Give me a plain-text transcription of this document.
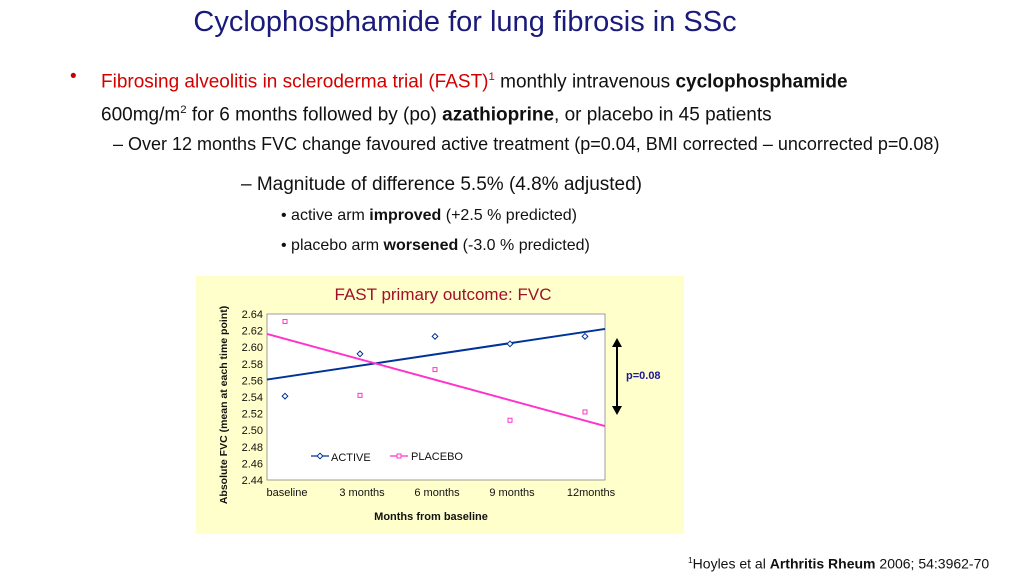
Cyclophosphamide for lung fibrosis in SSc
• Fibrosing alveolitis in scleroderma trial (FAST)$^1$ monthly intravenous cyclophosphamide
$600mg/m^2$ for 6 months followed by (po) azathioprine, or placebo in 45 patients
– Over 12 months FVC change favoured active treatment (p=0.04, BMI corrected – uncorrected p=0.08)
– Magnitude of difference 5.5% (4.8% adjusted)
• active arm improved (+2.5 % predicted)
• placebo arm worsened (-3.0 % predicted)
FAST primary outcome: FVC
Absolute FVC (mean at each time point)
Months from baseline
2.64
2.62
2.60
2.58
2.56
2.54
2.52
2.50
2.48
2.46
2.44
baseline	3 months	6 months	9 months	12months
ACTIVE	PLACEBO
p=0.08
$^1$Hoyles et al Arthritis Rheum 2006; 54:3962-70
